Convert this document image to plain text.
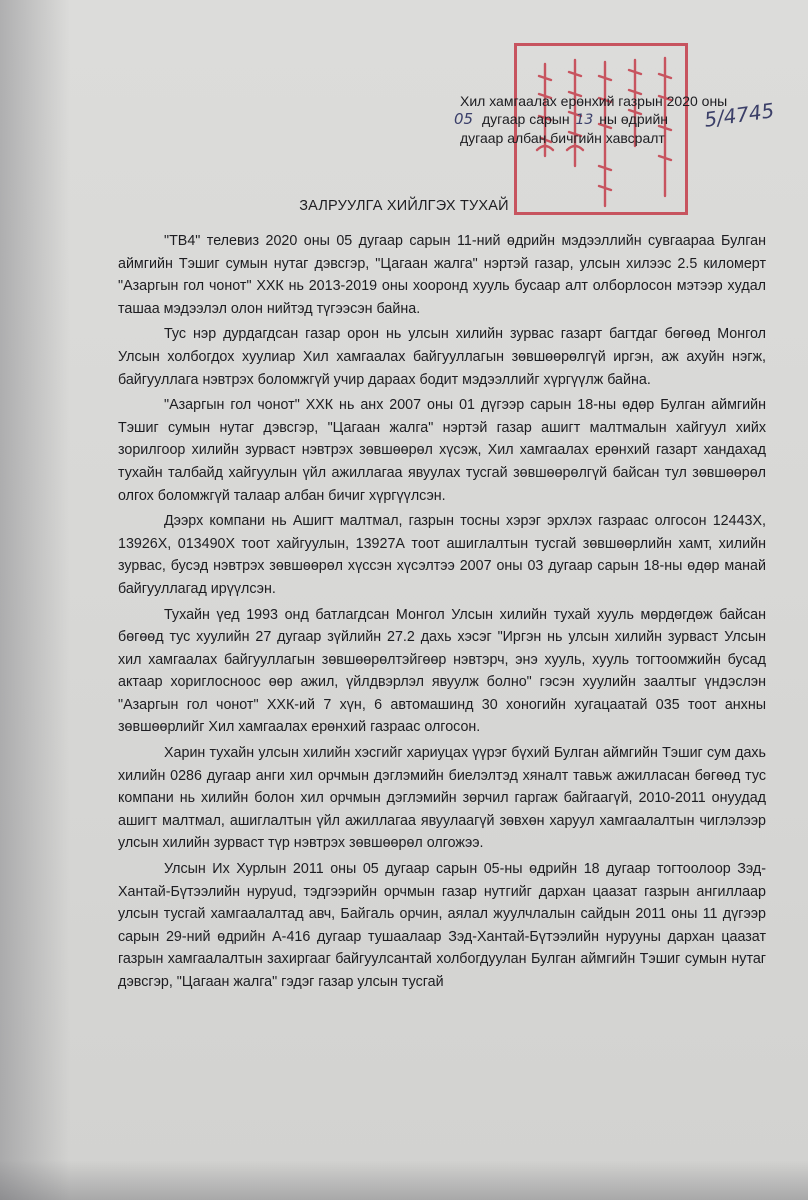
Хил хамгаалах ерөнхий газрын 2020 оны
дугаар сарын 13 ны өдрийн
дугаар албан бичгийн хавсралт
05	5/4745
ЗАЛРУУЛГА ХИЙЛГЭХ ТУХАЙ

"ТВ4" телевиз 2020 оны 05 дугаар сарын 11-ний өдрийн мэдээллийн сувгаараа Булган аймгийн Тэшиг сумын нутаг дэвсгэр, "Цагаан жалга" нэртэй газар, улсын хилээс 2.5 киломерт "Азаргын гол чонот" ХХК нь 2013-2019 оны хооронд хууль бусаар алт олборлосон мэтээр худал ташаа мэдээлэл олон нийтэд түгээсэн байна.

Тус нэр дурдагдсан газар орон нь улсын хилийн зурвас газарт багтдаг бөгөөд Монгол Улсын холбогдох хуулиар Хил хамгаалах байгууллагын зөвшөөрөлгүй иргэн, аж ахуйн нэгж, байгууллага нэвтрэх боломжгүй учир дараах бодит мэдээллийг хүргүүлж байна.

"Азаргын гол чонот" ХХК нь анх 2007 оны 01 дүгээр сарын 18-ны өдөр Булган аймгийн Тэшиг сумын нутаг дэвсгэр, "Цагаан жалга" нэртэй газар ашигт малтмалын хайгуул хийх зорилгоор хилийн зурваст нэвтрэх зөвшөөрөл хүсэж, Хил хамгаалах ерөнхий газарт хандахад тухайн талбайд хайгуулын үйл ажиллагаа явуулах тусгай зөвшөөрөлгүй байсан тул зөвшөөрөл олгох боломжгүй талаар албан бичиг хүргүүлсэн.

Дээрх компани нь Ашигт малтмал, газрын тосны хэрэг эрхлэх газраас олгосон 12443Х, 13926Х, 013490Х тоот хайгуулын, 13927А тоот ашиглалтын тусгай зөвшөөрлийн хамт, хилийн зурвас, бусэд нэвтрэх зөвшөөрөл хүссэн хүсэлтээ 2007 оны 03 дугаар сарын 18-ны өдөр манай байгууллагад ирүүлсэн.

Тухайн үед 1993 онд батлагдсан Монгол Улсын хилийн тухай хууль мөрдөгдөж байсан бөгөөд тус хуулийн 27 дугаар зүйлийн 27.2 дахь хэсэг "Иргэн нь улсын хилийн зурваст Улсын хил хамгаалах байгууллагын зөвшөөрөлтэйгөөр нэвтэрч, энэ хууль, хууль тогтоомжийн бусад актаар хориглосноос өөр ажил, үйлдвэрлэл явуулж болно" гэсэн хуулийн заалтыг үндэслэн "Азаргын гол чонот" ХХК-ий 7 хүн, 6 автомашинд 30 хоногийн хугацаатай 035 тоот анхны зөвшөөрлийг Хил хамгаалах ерөнхий газраас олгосон.

Харин тухайн улсын хилийн хэсгийг хариуцах үүрэг бүхий Булган аймгийн Тэшиг сум дахь хилийн 0286 дугаар анги хил орчмын дэглэмийн биелэлтэд хяналт тавьж ажилласан бөгөөд тус компани нь хилийн болон хил орчмын дэглэмийн зөрчил гаргаж байгаагүй, 2010-2011 онуудад ашигт малтмал, ашиглалтын үйл ажиллагаа явуулаагүй зөвхөн харуул хамгаалалтын чиглэлээр улсын хилийн зурваст түр нэвтрэх зөвшөөрөл олгожээ.

Улсын Их Хурлын 2011 оны 05 дугаар сарын 05-ны өдрийн 18 дугаар тогтоолоор Зэд-Хантай-Бүтээлийн нуруud, тэдгээрийн орчмын газар нутгийг дархан цаазат газрын ангиллаар улсын тусгай хамгаалалтад авч, Байгаль орчин, аялал жуулчлалын сайдын 2011 оны 11 дүгээр сарын 29-ний өдрийн А-416 дугаар тушаалаар Зэд-Хантай-Бүтээлийн нурууны дархан цаазат газрын хамгаалалтын захиргааг байгуулсантай холбогдуулан Булган аймгийн Тэшиг сумын нутаг дэвсгэр, "Цагаан жалга" гэдэг газар улсын тусгай
